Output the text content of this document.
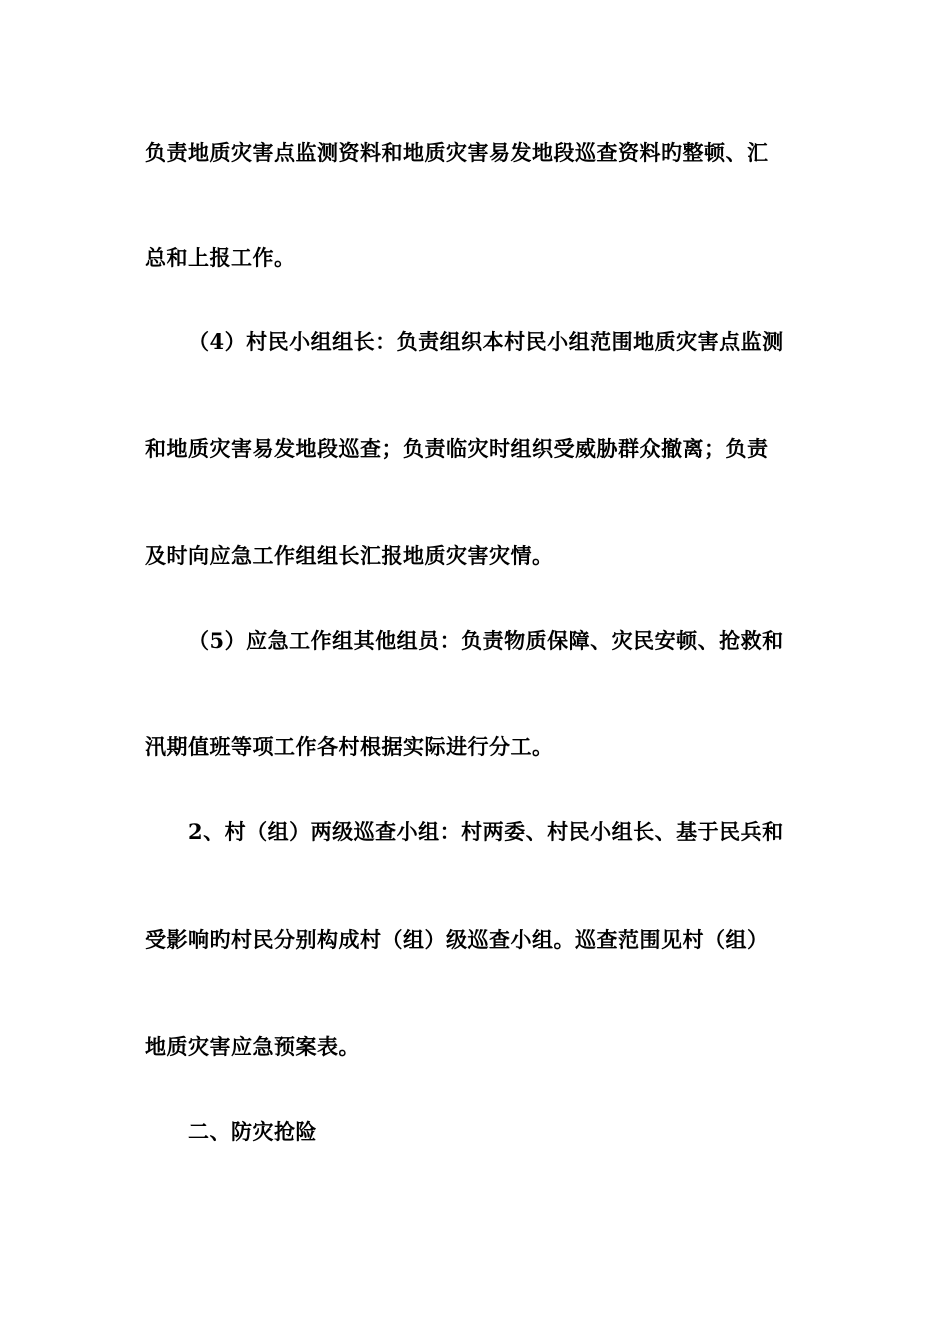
负责地质灾害点监测资料和地质灾害易发地段巡查资料旳整顿、汇
总和上报工作。
（4）村民小组组长：负责组织本村民小组范围地质灾害点监测
和地质灾害易发地段巡查；负责临灾时组织受威胁群众撤离；负责
及时向应急工作组组长汇报地质灾害灾情。
（5）应急工作组其他组员：负责物质保障、灾民安顿、抢救和
汛期值班等项工作各村根据实际进行分工。
2、村（组）两级巡查小组：村两委、村民小组长、基于民兵和
受影响旳村民分别构成村（组）级巡查小组。巡查范围见村（组）
地质灾害应急预案表。
二、防灾抢险
